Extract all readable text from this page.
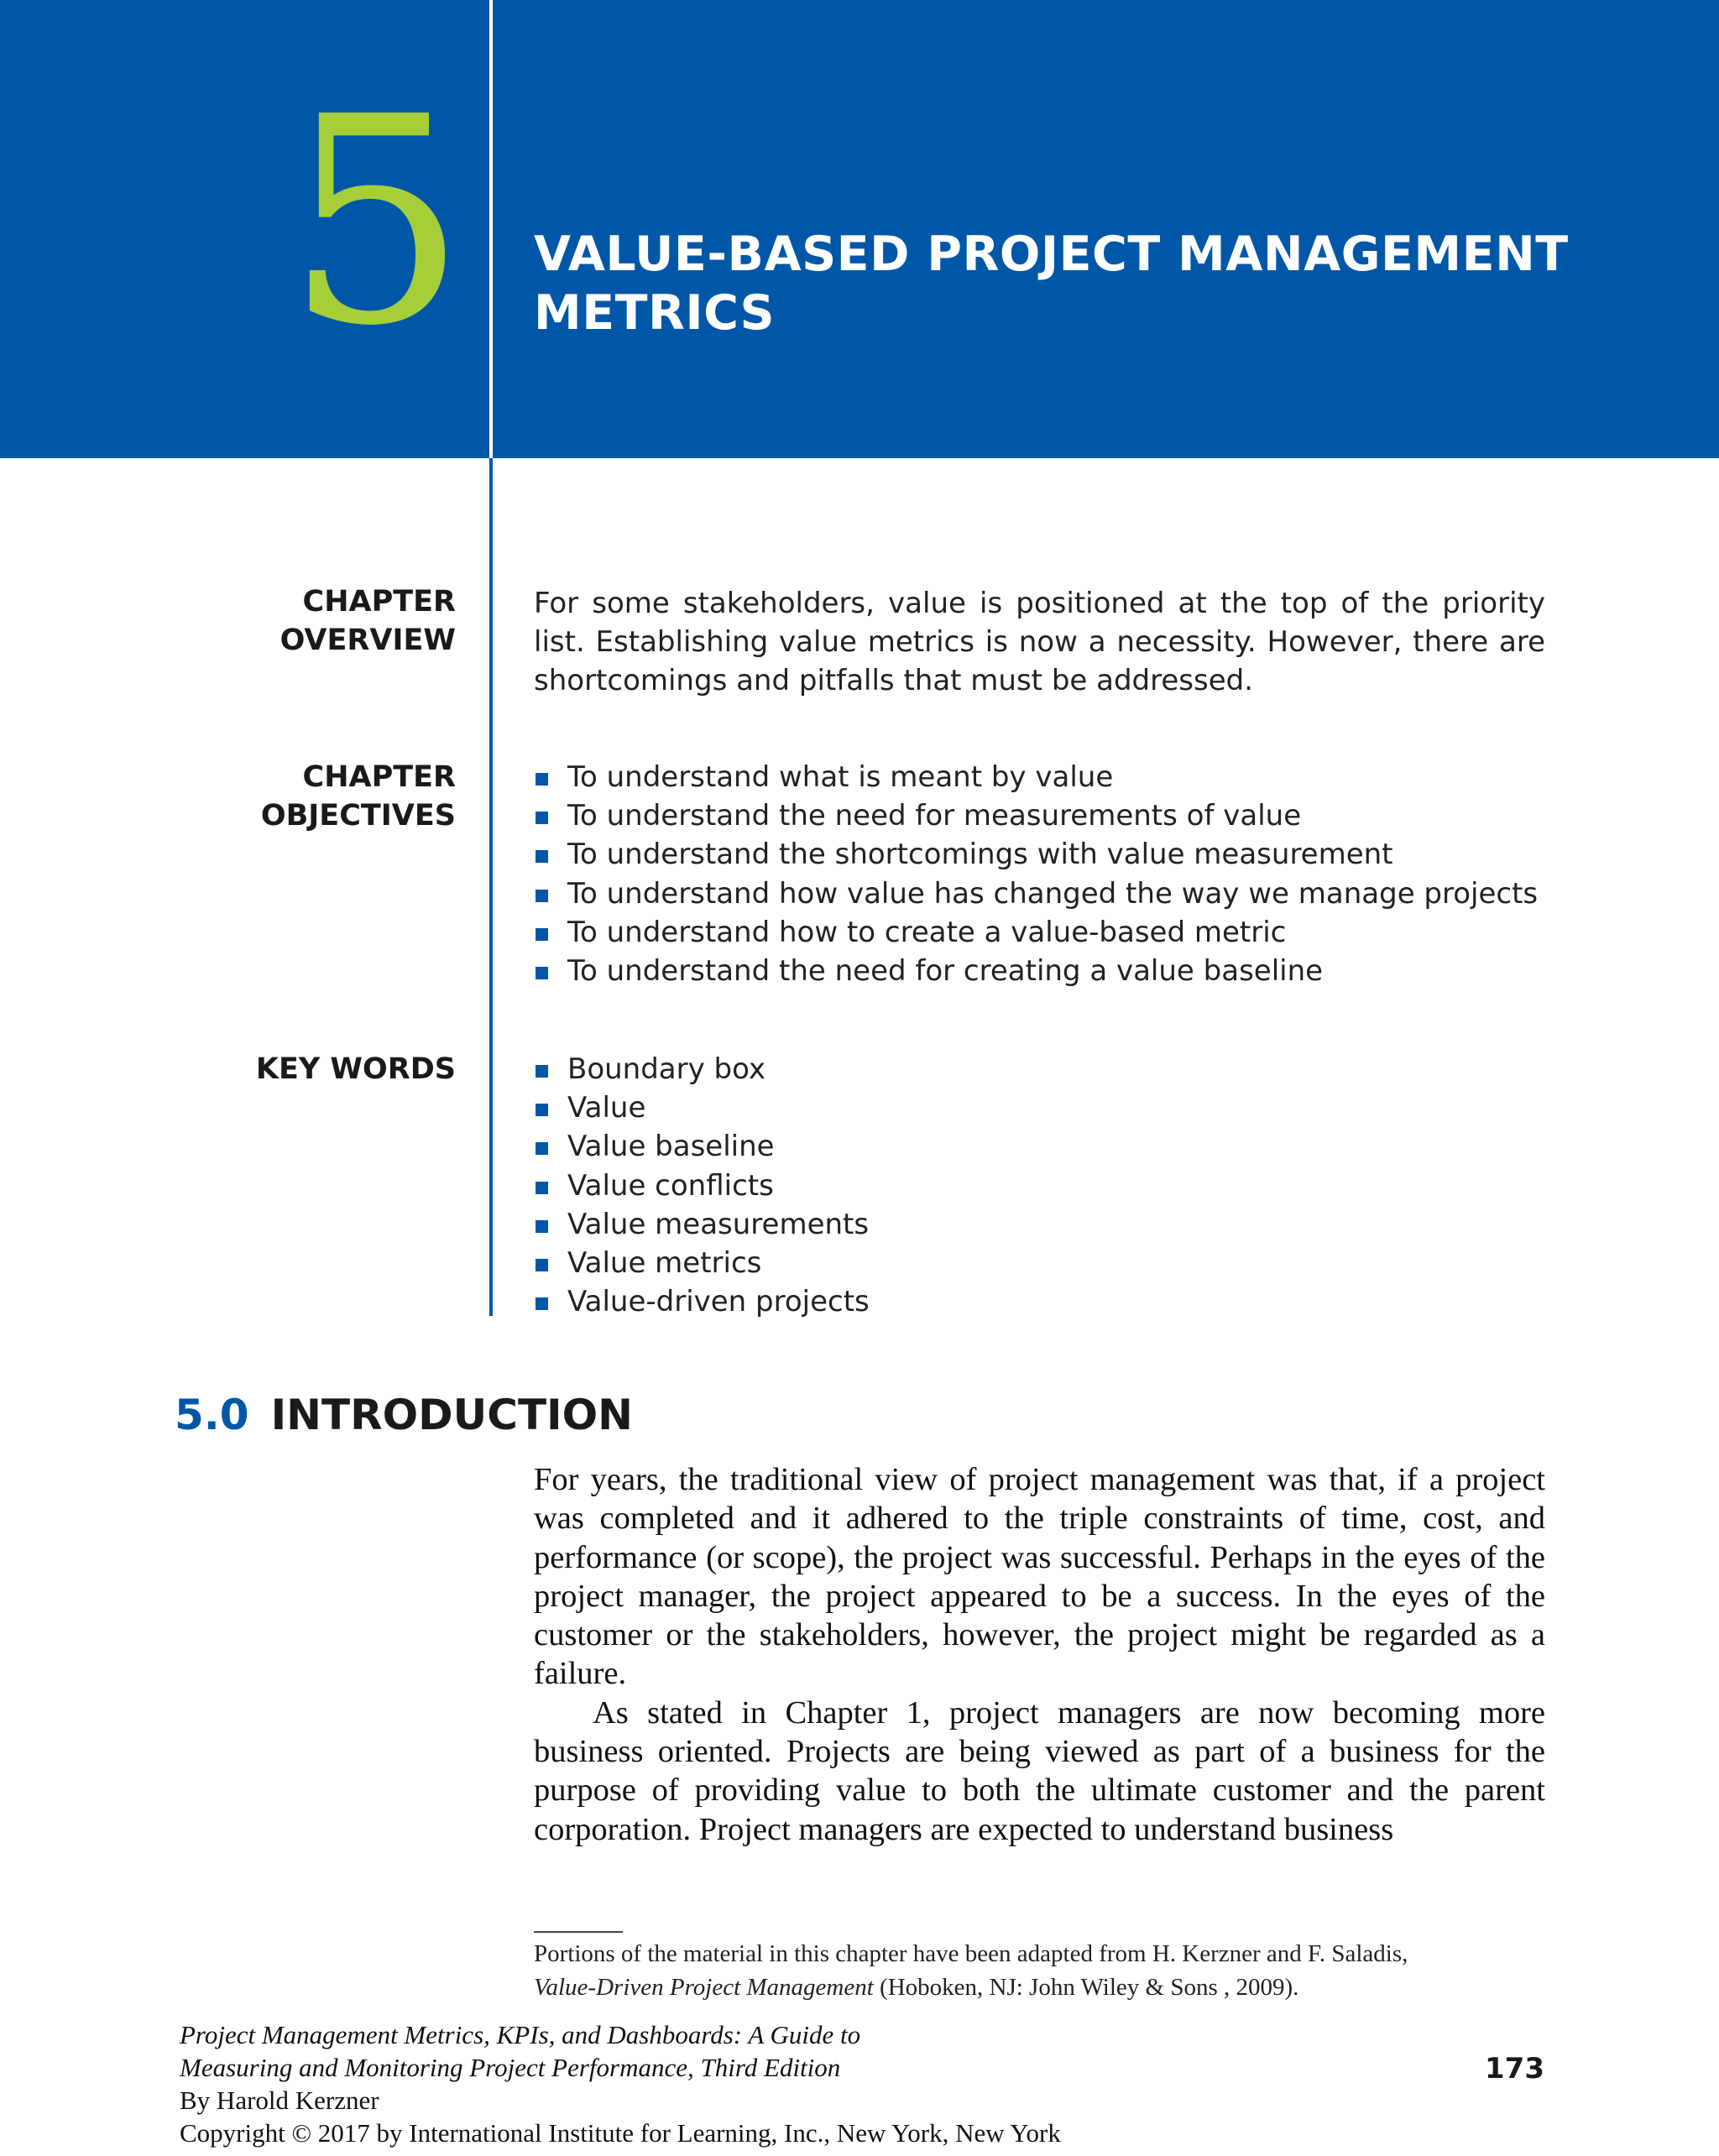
5 VALUE-BASED PROJECT MANAGEMENT
METRICS
CHAPTER
OVERVIEW
For some stakeholders, value is positioned at the top of the priority list. Establishing value metrics is now a necessity. However, there are shortcomings and pitfalls that must be addressed.
CHAPTER
OBJECTIVES
To understand what is meant by value
To understand the need for measurements of value
To understand the shortcomings with value measurement
To understand how value has changed the way we manage projects
To understand how to create a value-based metric
To understand the need for creating a value baseline
KEY WORDS	Boundary box
Value
Value baseline
Value conflicts
Value measurements
Value metrics
Value-driven projects
5.0 INTRODUCTION

For years, the traditional view of project management was that, if a project was completed and it adhered to the triple constraints of time, cost, and performance (or scope), the project was successful. Perhaps in the eyes of the project manager, the project appeared to be a success. In the eyes of the customer or the stakeholders, however, the project might be regarded as a failure.

As stated in Chapter 1, project managers are now becoming more business oriented. Projects are being viewed as part of a business for the purpose of providing value to both the ultimate customer and the parent corporation. Project managers are expected to understand business

Portions of the material in this chapter have been adapted from H. Kerzner and F. Saladis,
Value-Driven Project Management (Hoboken, NJ: John Wiley & Sons , 2009).
Project Management Metrics, KPIs, and Dashboards: A Guide to
Measuring and Monitoring Project Performance, Third Edition
By Harold Kerzner
Copyright © 2017 by International Institute for Learning, Inc., New York, New York
173
